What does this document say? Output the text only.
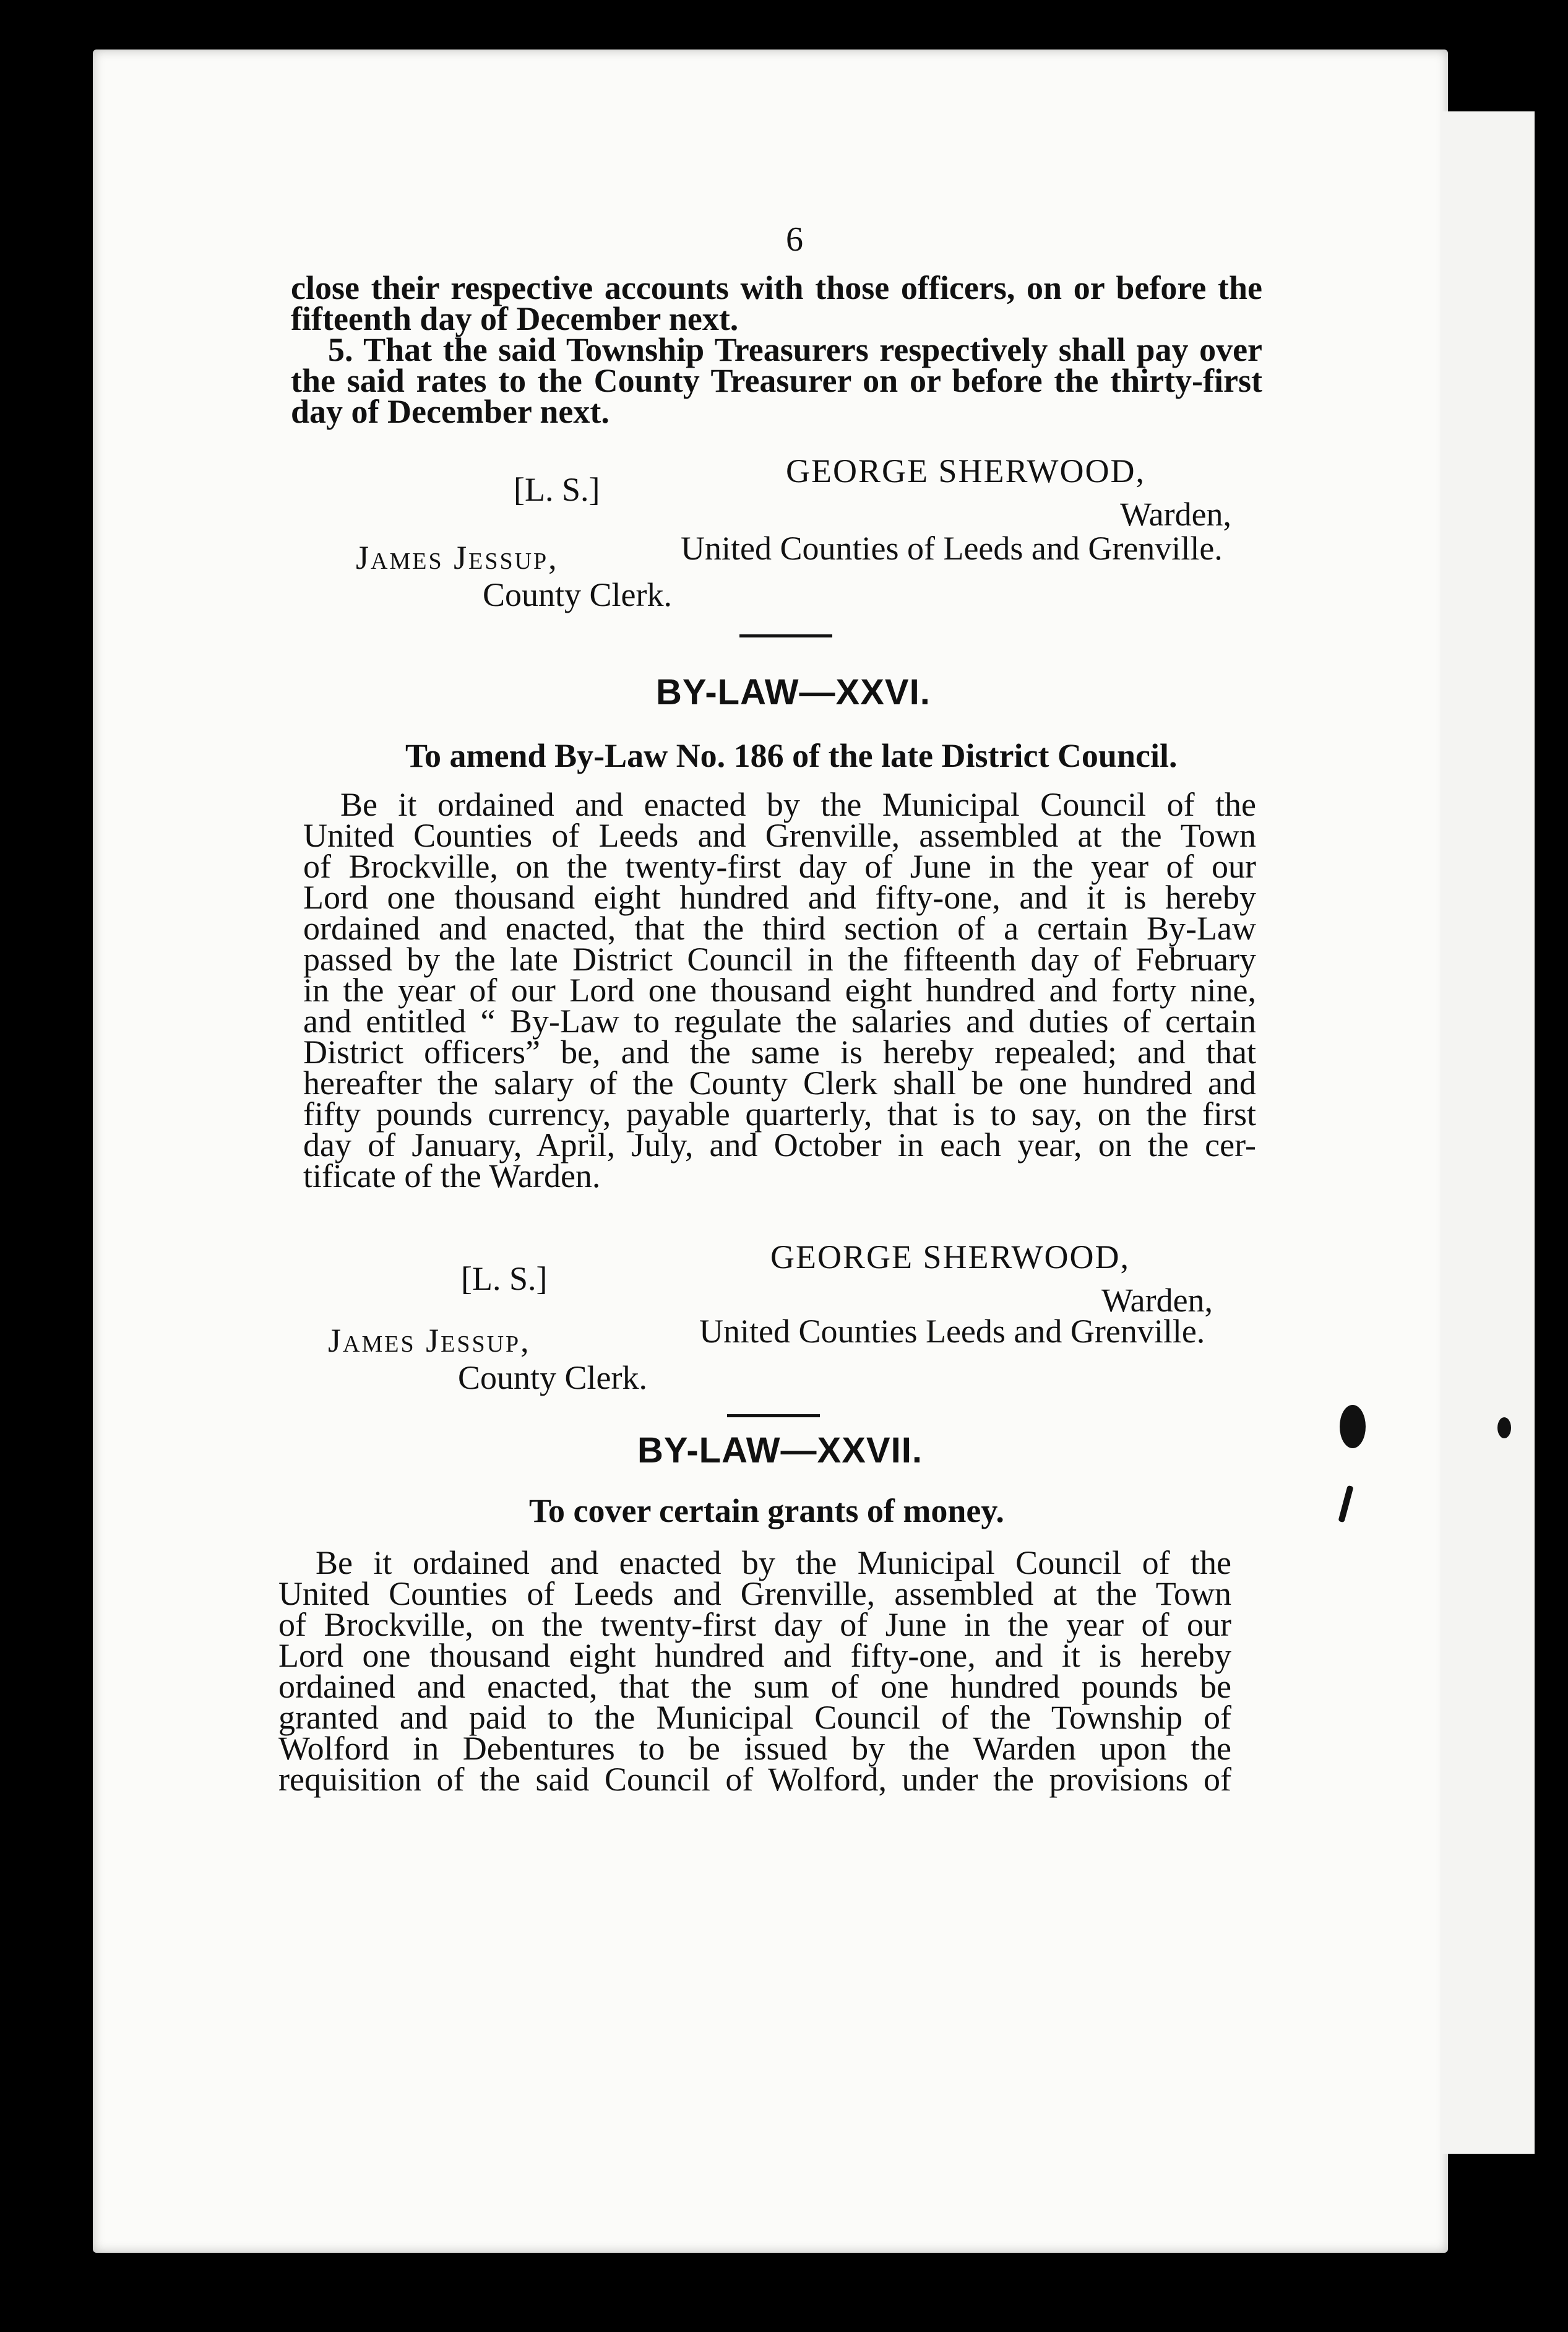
6
close their respective accounts with those officers, on or before the
fifteenth day of December next.
5. That the said Township Treasurers respectively shall pay over
the said rates to the County Treasurer on or before the thirty-first
day of December next.
GEORGE SHERWOOD,
[L. S.]
Warden,
United Counties of Leeds and Grenville.
James Jessup,
County Clerk.
BY-LAW—XXVI.
To amend By-Law No. 186 of the late District Council.
Be it ordained and enacted by the Municipal Council of the
United Counties of Leeds and Grenville, assembled at the Town
of Brockville, on the twenty-first day of June in the year of our
Lord one thousand eight hundred and fifty-one, and it is hereby
ordained and enacted, that the third section of a certain By-Law
passed by the late District Council in the fifteenth day of February
in the year of our Lord one thousand eight hundred and forty nine,
and entitled “ By-Law to regulate the salaries and duties of certain
District officers” be, and the same is hereby repealed; and that
hereafter the salary of the County Clerk shall be one hundred and
fifty pounds currency, payable quarterly, that is to say, on the first
day of January, April, July, and October in each year, on the cer-
tificate of the Warden.
GEORGE SHERWOOD,
[L. S.]
Warden,
United Counties Leeds and Grenville.
James Jessup,
County Clerk.
BY-LAW—XXVII.
To cover certain grants of money.
Be it ordained and enacted by the Municipal Council of the
United Counties of Leeds and Grenville, assembled at the Town
of Brockville, on the twenty-first day of June in the year of our
Lord one thousand eight hundred and fifty-one, and it is hereby
ordained and enacted, that the sum of one hundred pounds be
granted and paid to the Municipal Council of the Township of
Wolford in Debentures to be issued by the Warden upon the
requisition of the said Council of Wolford, under the provisions of
